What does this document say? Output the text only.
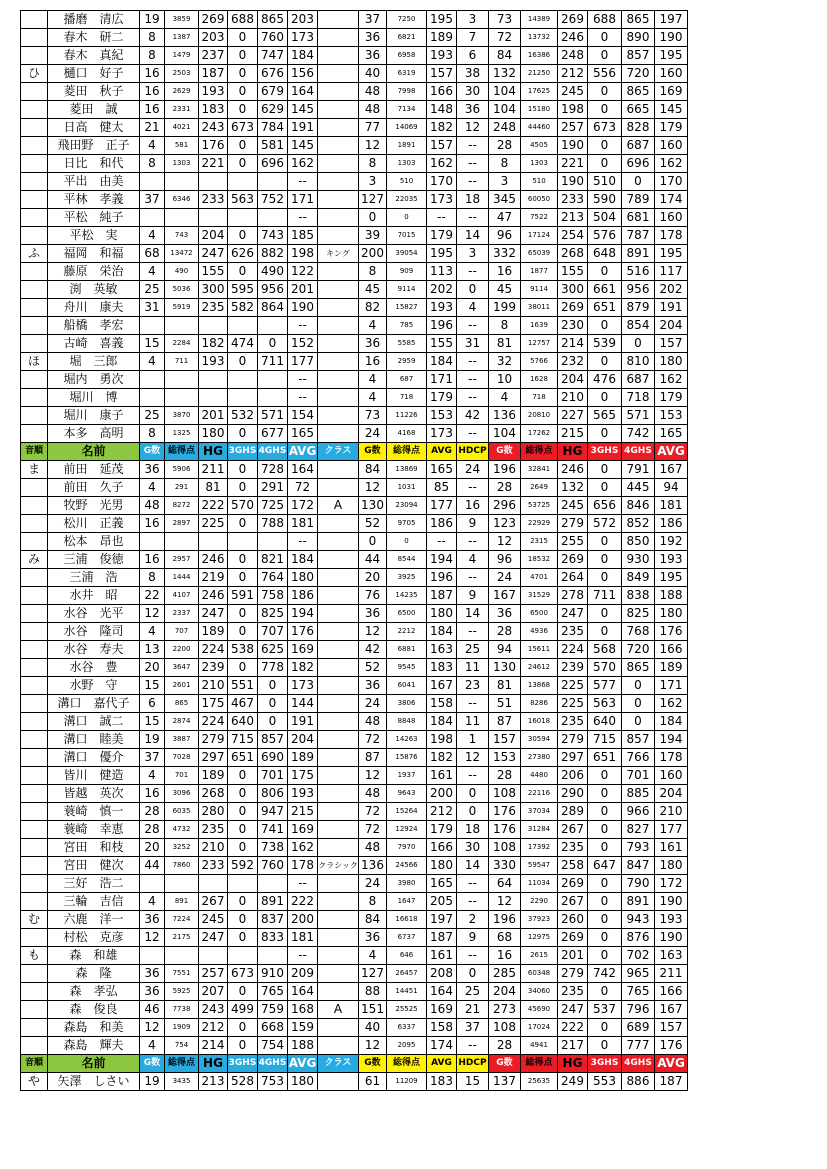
	播磨　清広	19	3859	269	688	865	203		37	7250	195	3	73	14389	269	688	865	197
	春木　研二	8	1387	203	0	760	173		36	6821	189	7	72	13732	246	0	890	190
	春木　真紀	8	1479	237	0	747	184		36	6958	193	6	84	16386	248	0	857	195
ひ	樋口　好子	16	2503	187	0	676	156		40	6319	157	38	132	21250	212	556	720	160
	菱田　秋子	16	2629	193	0	679	164		48	7998	166	30	104	17625	245	0	865	169
	菱田　誠	16	2331	183	0	629	145		48	7134	148	36	104	15180	198	0	665	145
	日高　健太	21	4021	243	673	784	191		77	14069	182	12	248	44460	257	673	828	179
	飛田野　正子	4	581	176	0	581	145		12	1891	157	--	28	4505	190	0	687	160
	日比　和代	8	1303	221	0	696	162		8	1303	162	--	8	1303	221	0	696	162
	平出　由美						--		3	510	170	--	3	510	190	510	0	170
	平林　孝義	37	6346	233	563	752	171		127	22035	173	18	345	60050	233	590	789	174
	平松　純子						--		0	0	--	--	47	7522	213	504	681	160
	平松　実	4	743	204	0	743	185		39	7015	179	14	96	17124	254	576	787	178
ふ	福岡　和福	68	13472	247	626	882	198	キング	200	39054	195	3	332	65039	268	648	891	195
	藤原　栄治	4	490	155	0	490	122		8	909	113	--	16	1877	155	0	516	117
	渕　英敏	25	5036	300	595	956	201		45	9114	202	0	45	9114	300	661	956	202
	舟川　康夫	31	5919	235	582	864	190		82	15827	193	4	199	38011	269	651	879	191
	船橋　孝宏						--		4	785	196	--	8	1639	230	0	854	204
	古崎　喜義	15	2284	182	474	0	152		36	5585	155	31	81	12757	214	539	0	157
ほ	堀　三郎	4	711	193	0	711	177		16	2959	184	--	32	5766	232	0	810	180
	堀内　勇次						--		4	687	171	--	10	1628	204	476	687	162
	堀川　博						--		4	718	179	--	4	718	210	0	718	179
	堀川　康子	25	3870	201	532	571	154		73	11226	153	42	136	20810	227	565	571	153
	本多　高明	8	1325	180	0	677	165		24	4168	173	--	104	17262	215	0	742	165
音順	名前	G数	総得点	HG	3GHS	4GHS	AVG	クラス	G数	総得点	AVG	HDCP	G数	総得点	HG	3GHS	4GHS	AVG
ま	前田　延茂	36	5906	211	0	728	164		84	13869	165	24	196	32841	246	0	791	167
	前田　久子	4	291	81	0	291	72		12	1031	85	--	28	2649	132	0	445	94
	牧野　光男	48	8272	222	570	725	172	A	130	23094	177	16	296	53725	245	656	846	181
	松川　正義	16	2897	225	0	788	181		52	9705	186	9	123	22929	279	572	852	186
	松本　昂也						--		0	0	--	--	12	2315	255	0	850	192
み	三浦　俊徳	16	2957	246	0	821	184		44	8544	194	4	96	18532	269	0	930	193
	三浦　浩	8	1444	219	0	764	180		20	3925	196	--	24	4701	264	0	849	195
	水井　昭	22	4107	246	591	758	186		76	14235	187	9	167	31529	278	711	838	188
	水谷　光平	12	2337	247	0	825	194		36	6500	180	14	36	6500	247	0	825	180
	水谷　隆司	4	707	189	0	707	176		12	2212	184	--	28	4936	235	0	768	176
	水谷　寿夫	13	2200	224	538	625	169		42	6881	163	25	94	15611	224	568	720	166
	水谷　豊	20	3647	239	0	778	182		52	9545	183	11	130	24612	239	570	865	189
	水野　守	15	2601	210	551	0	173		36	6041	167	23	81	13868	225	577	0	171
	溝口　嘉代子	6	865	175	467	0	144		24	3806	158	--	51	8286	225	563	0	162
	溝口　誠二	15	2874	224	640	0	191		48	8848	184	11	87	16018	235	640	0	184
	溝口　睦美	19	3887	279	715	857	204		72	14263	198	1	157	30594	279	715	857	194
	溝口　優介	37	7028	297	651	690	189		87	15876	182	12	153	27380	297	651	766	178
	皆川　健造	4	701	189	0	701	175		12	1937	161	--	28	4480	206	0	701	160
	皆越　英次	16	3096	268	0	806	193		48	9643	200	0	108	22116	290	0	885	204
	蓑崎　慎一	28	6035	280	0	947	215		72	15264	212	0	176	37034	289	0	966	210
	蓑崎　幸恵	28	4732	235	0	741	169		72	12924	179	18	176	31284	267	0	827	177
	宮田　和枝	20	3252	210	0	738	162		48	7970	166	30	108	17392	235	0	793	161
	宮田　健次	44	7860	233	592	760	178	クラシック	136	24566	180	14	330	59547	258	647	847	180
	三好　浩二						--		24	3980	165	--	64	11034	269	0	790	172
	三輪　吉信	4	891	267	0	891	222		8	1647	205	--	12	2290	267	0	891	190
む	六鹿　洋一	36	7224	245	0	837	200		84	16618	197	2	196	37923	260	0	943	193
	村松　克彦	12	2175	247	0	833	181		36	6737	187	9	68	12975	269	0	876	190
も	森　和雄						--		4	646	161	--	16	2615	201	0	702	163
	森　隆	36	7551	257	673	910	209		127	26457	208	0	285	60348	279	742	965	211
	森　孝弘	36	5925	207	0	765	164		88	14451	164	25	204	34060	235	0	765	166
	森　俊良	46	7738	243	499	759	168	A	151	25525	169	21	273	45690	247	537	796	167
	森島　和美	12	1909	212	0	668	159		40	6337	158	37	108	17024	222	0	689	157
	森島　輝夫	4	754	214	0	754	188		12	2095	174	--	28	4941	217	0	777	176
音順	名前	G数	総得点	HG	3GHS	4GHS	AVG	クラス	G数	総得点	AVG	HDCP	G数	総得点	HG	3GHS	4GHS	AVG
や	矢澤　しさい	19	3435	213	528	753	180		61	11209	183	15	137	25635	249	553	886	187
